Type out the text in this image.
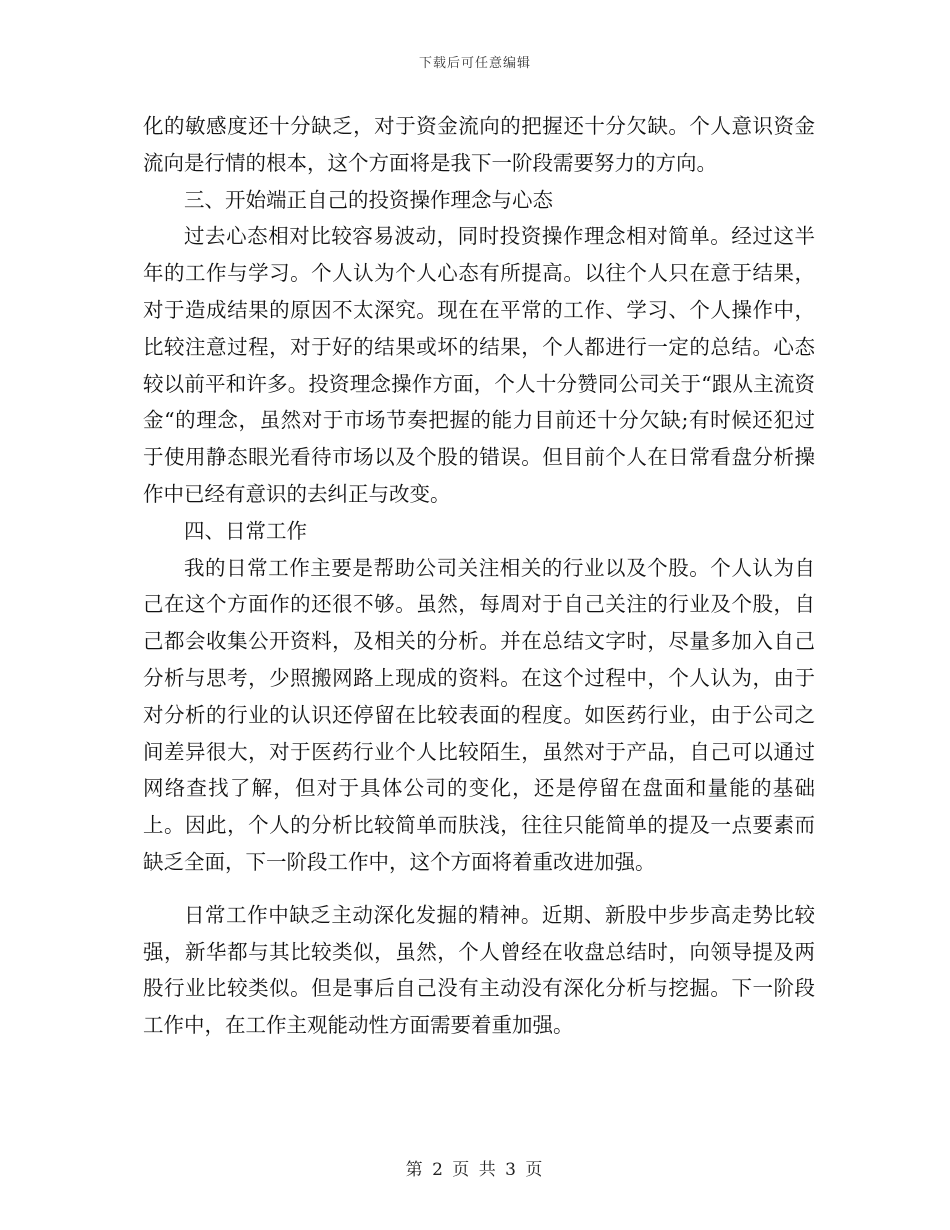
下载后可任意编辑

化的敏感度还十分缺乏，对于资金流向的把握还十分欠缺。个人意识资金流向是行情的根本，这个方面将是我下一阶段需要努力的方向。

三、开始端正自己的投资操作理念与心态

过去心态相对比较容易波动，同时投资操作理念相对简单。经过这半年的工作与学习。个人认为个人心态有所提高。以往个人只在意于结果，对于造成结果的原因不太深究。现在在平常的工作、学习、个人操作中，比较注意过程，对于好的结果或坏的结果，个人都进行一定的总结。心态较以前平和许多。投资理念操作方面，个人十分赞同公司关于“跟从主流资金“的理念，虽然对于市场节奏把握的能力目前还十分欠缺;有时候还犯过于使用静态眼光看待市场以及个股的错误。但目前个人在日常看盘分析操作中已经有意识的去纠正与改变。

四、日常工作

我的日常工作主要是帮助公司关注相关的行业以及个股。个人认为自己在这个方面作的还很不够。虽然，每周对于自己关注的行业及个股，自己都会收集公开资料，及相关的分析。并在总结文字时，尽量多加入自己分析与思考，少照搬网路上现成的资料。在这个过程中，个人认为，由于对分析的行业的认识还停留在比较表面的程度。如医药行业，由于公司之间差异很大，对于医药行业个人比较陌生，虽然对于产品，自己可以通过网络查找了解，但对于具体公司的变化，还是停留在盘面和量能的基础上。因此，个人的分析比较简单而肤浅，往往只能简单的提及一点要素而缺乏全面，下一阶段工作中，这个方面将着重改进加强。

日常工作中缺乏主动深化发掘的精神。近期、新股中步步高走势比较强，新华都与其比较类似，虽然，个人曾经在收盘总结时，向领导提及两股行业比较类似。但是事后自己没有主动没有深化分析与挖掘。下一阶段工作中，在工作主观能动性方面需要着重加强。

第 2 页 共 3 页
